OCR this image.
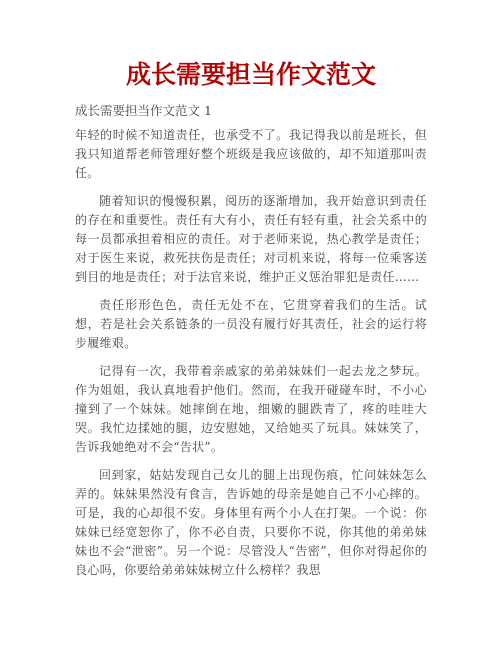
成长需要担当作文范文

成长需要担当作文范文 1

年轻的时候不知道责任，也承受不了。我记得我以前是班长，但我只知道帮老师管理好整个班级是我应该做的，却不知道那叫责任。

随着知识的慢慢积累，阅历的逐渐增加，我开始意识到责任的存在和重要性。责任有大有小，责任有轻有重，社会关系中的每一员都承担着相应的责任。对于老师来说，热心教学是责任；对于医生来说，救死扶伤是责任；对司机来说，将每一位乘客送到目的地是责任；对于法官来说，维护正义惩治罪犯是责任……

责任形形色色，责任无处不在，它贯穿着我们的生活。试想，若是社会关系链条的一员没有履行好其责任，社会的运行将步履维艰。

记得有一次，我带着亲戚家的弟弟妹妹们一起去龙之梦玩。作为姐姐，我认真地看护他们。然而，在我开碰碰车时，不小心撞到了一个妹妹。她摔倒在地，细嫩的腿跌青了，疼的哇哇大哭。我忙边揉她的腿，边安慰她，又给她买了玩具。妹妹笑了，告诉我她绝对不会“告状”。

回到家，姑姑发现自己女儿的腿上出现伤痕，忙问妹妹怎么弄的。妹妹果然没有食言，告诉她的母亲是她自己不小心摔的。可是，我的心却很不安。身体里有两个小人在打架。一个说：你妹妹已经宽恕你了，你不必自责，只要你不说，你其他的弟弟妹妹也不会“泄密”。另一个说：尽管没人“告密”，但你对得起你的良心吗，你要给弟弟妹妹树立什么榜样？我思
